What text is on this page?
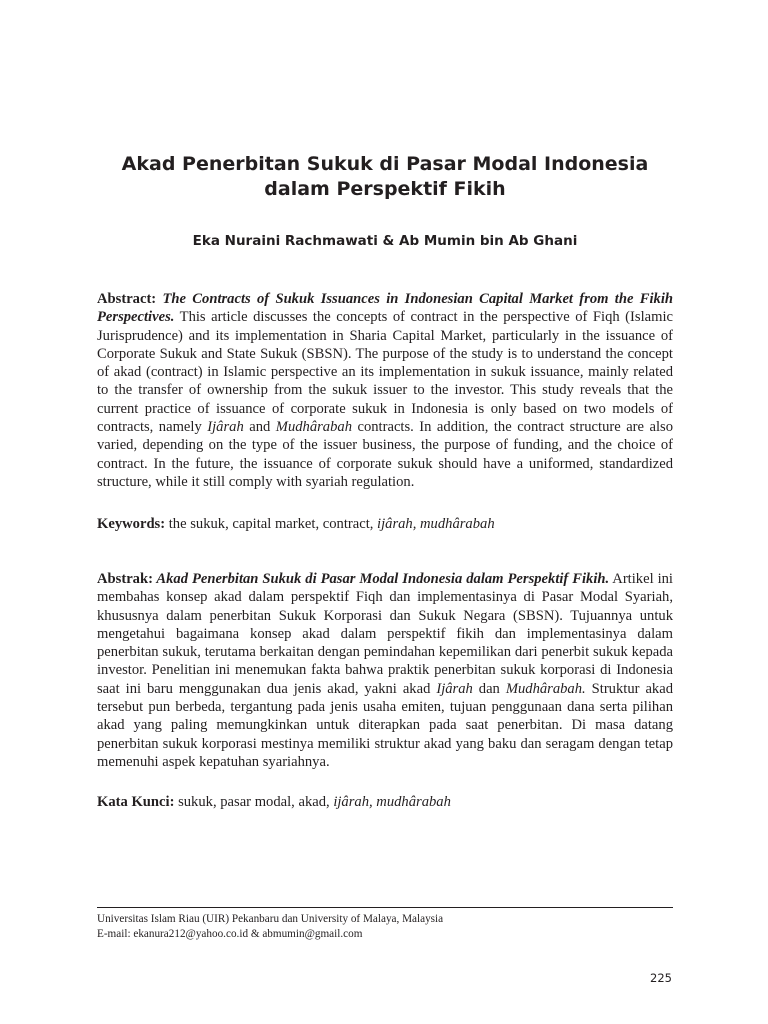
Akad Penerbitan Sukuk di Pasar Modal Indonesia
dalam Perspektif Fikih
Eka Nuraini Rachmawati & Ab Mumin bin Ab Ghani

Abstract: The Contracts of Sukuk Issuances in Indonesian Capital Market from the Fikih Perspectives. This article discusses the concepts of contract in the perspective of Fiqh (Islamic Jurisprudence) and its implementation in Sharia Capital Market, particularly in the issuance of Corporate Sukuk and State Sukuk (SBSN). The purpose of the study is to understand the concept of akad (contract) in Islamic perspective an its implementation in sukuk issuance, mainly related to the transfer of ownership from the sukuk issuer to the investor. This study reveals that the current practice of issuance of corporate sukuk in Indonesia is only based on two models of contracts, namely Ijârah and Mudhârabah contracts. In addition, the contract structure are also varied, depending on the type of the issuer business, the purpose of funding, and the choice of contract. In the future, the issuance of corporate sukuk should have a uniformed, standardized structure, while it still comply with syariah regulation.

Keywords: the sukuk, capital market, contract, ijârah, mudhârabah

Abstrak: Akad Penerbitan Sukuk di Pasar Modal Indonesia dalam Perspektif Fikih. Artikel ini membahas konsep akad dalam perspektif Fiqh dan implementasinya di Pasar Modal Syariah, khususnya dalam penerbitan Sukuk Korporasi dan Sukuk Negara (SBSN). Tujuannya untuk mengetahui bagaimana konsep akad dalam perspektif fikih dan implementasinya dalam penerbitan sukuk, terutama berkaitan dengan pemindahan kepemilikan dari penerbit sukuk kepada investor. Penelitian ini menemukan fakta bahwa praktik penerbitan sukuk korporasi di Indonesia saat ini baru menggunakan dua jenis akad, yakni akad Ijârah dan Mudhârabah. Struktur akad tersebut pun berbeda, tergantung pada jenis usaha emiten, tujuan penggunaan dana serta pilihan akad yang paling memungkinkan untuk diterapkan pada saat penerbitan. Di masa datang penerbitan sukuk korporasi mestinya memiliki struktur akad yang baku dan seragam dengan tetap memenuhi aspek kepatuhan syariahnya.

Kata Kunci: sukuk, pasar modal, akad, ijârah, mudhârabah

Universitas Islam Riau (UIR) Pekanbaru dan University of Malaya, Malaysia
E-mail: ekanura212@yahoo.co.id & abmumin@gmail.com
225
